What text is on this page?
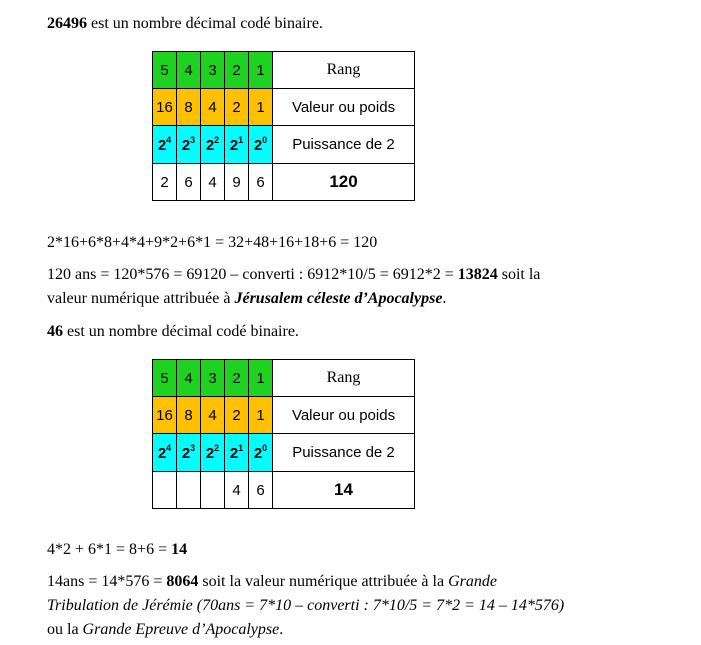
26496 est un nombre décimal codé binaire.
5	4	3	2	1	Rang
16	8	4	2	1	Valeur ou poids
$2^4$	$2^3$	$2^2$	$2^1$	$2^0$	Puissance de 2
2	6	4	9	6	120
2*16+6*8+4*4+9*2+6*1 = 32+48+16+18+6 = 120
120 ans = 120*576 = 69120 – converti : 6912*10/5 = 6912*2 = 13824 soit la
valeur numérique attribuée à Jérusalem céleste d’Apocalypse.
46 est un nombre décimal codé binaire.
5	4	3	2	1	Rang
16	8	4	2	1	Valeur ou poids
$2^4$	$2^3$	$2^2$	$2^1$	$2^0$	Puissance de 2
			4	6	14
4*2 + 6*1 = 8+6 = 14
14ans = 14*576 = 8064 soit la valeur numérique attribuée à la Grande
Tribulation de Jérémie (70ans = 7*10 – converti : 7*10/5 = 7*2 = 14 – 14*576)
ou la Grande Epreuve d’Apocalypse.
